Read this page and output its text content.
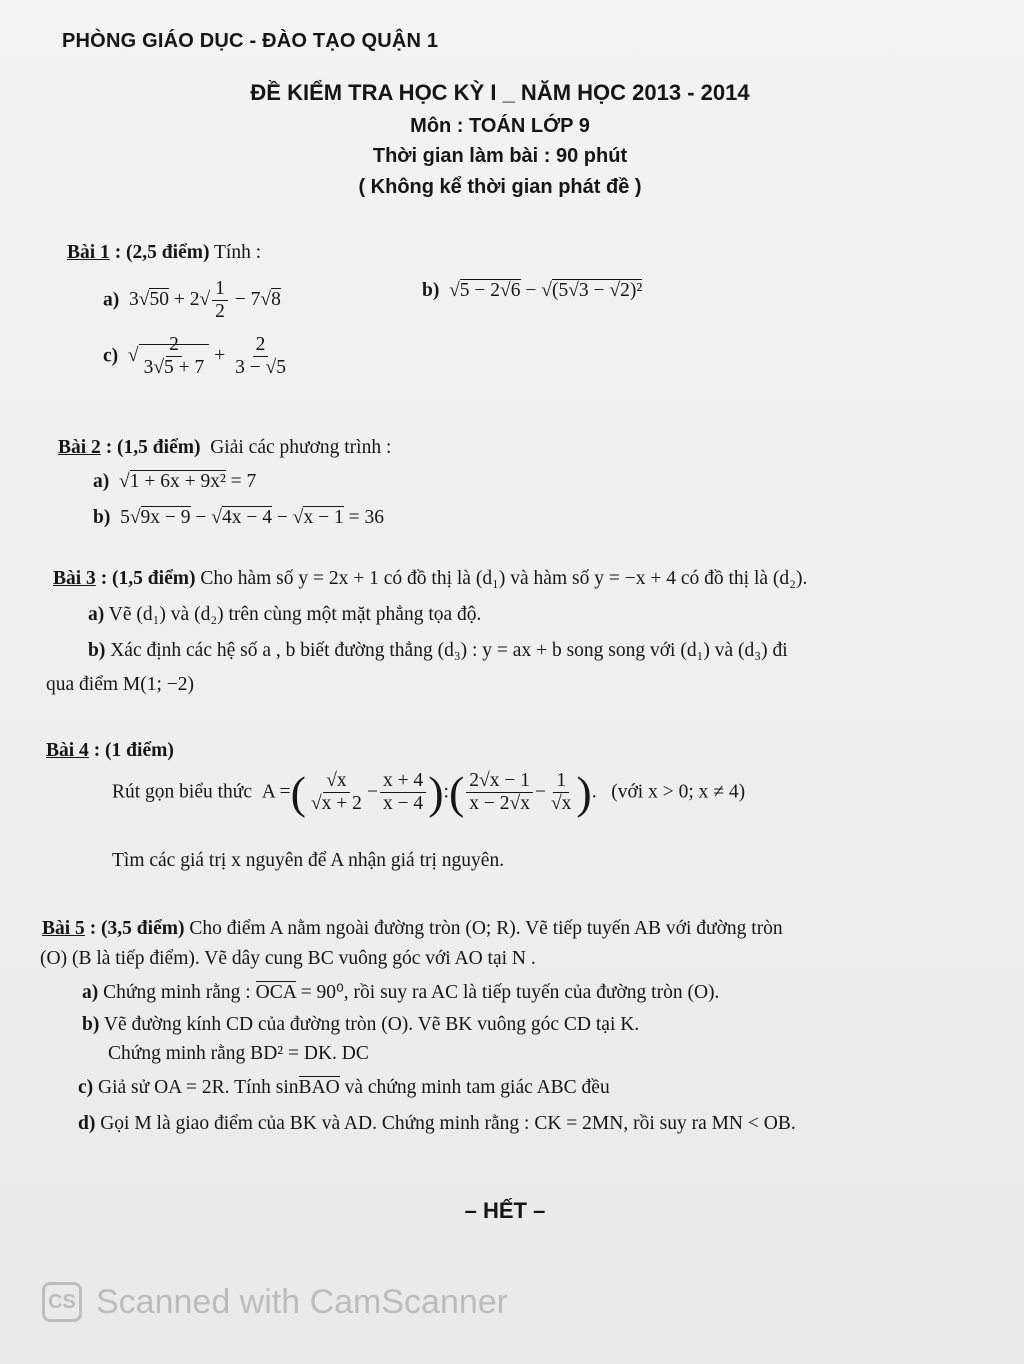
PHÒNG GIÁO DỤC - ĐÀO TẠO QUẬN 1
ĐỀ KIỂM TRA HỌC KỲ I _ NĂM HỌC 2013 - 2014
Môn : TOÁN LỚP 9
Thời gian làm bài : 90 phút
( Không kể thời gian phát đề )
Bài 1 : (2,5 điểm) Tính :
a)  $3√50 + 2√ \frac{1}{2} - 7√8$	b)  √5 − 2√6 − √(5√3 − √2)²
c)  √ $\frac{2}{3√5 + 7} + \frac{2}{3 - √5}$
Bài 2 : (1,5 điểm) Giải các phương trình :
a)  √1 + 6x + 9x² = 7
b)  5√9x − 9 − √4x − 4 − √x − 1 = 36
Bài 3 : (1,5 điểm) Cho hàm số y = 2x + 1 có đồ thị là (d₁) và hàm số y = −x + 4 có đồ thị là (d₂).
a) Vẽ (d₁) và (d₂) trên cùng một mặt phẳng tọa độ.
b) Xác định các hệ số a , b biết đường thẳng (d₃) : y = ax + b song song với (d₁) và (d₃) đi
qua điểm M(1; −2)
Bài 4 : (1 điểm)
Rút gọn biểu thức  A =( $\frac{√x}{√x + 2} - \frac{x + 4}{x - 4}$ ):( $\frac{2√x - 1}{x - 2√x} - \frac{1}{√x}$ ).   (với x > 0; x ≠ 4)
Tìm các giá trị x nguyên để A nhận giá trị nguyên.
Bài 5 : (3,5 điểm) Cho điểm A nằm ngoài đường tròn (O; R). Vẽ tiếp tuyến AB với đường tròn
(O) (B là tiếp điểm). Vẽ dây cung BC vuông góc với AO tại N .
a) Chứng minh rằng : OCA = 90⁰, rồi suy ra AC là tiếp tuyến của đường tròn (O).
b) Vẽ đường kính CD của đường tròn (O). Vẽ BK vuông góc CD tại K.
Chứng minh rằng BD² = DK. DC
c) Giả sử OA = 2R. Tính sinBAO và chứng minh tam giác ABC đều
d) Gọi M là giao điểm của BK và AD. Chứng minh rằng : CK = 2MN, rồi suy ra MN < OB.
– HẾT –
CS Scanned with CamScanner
